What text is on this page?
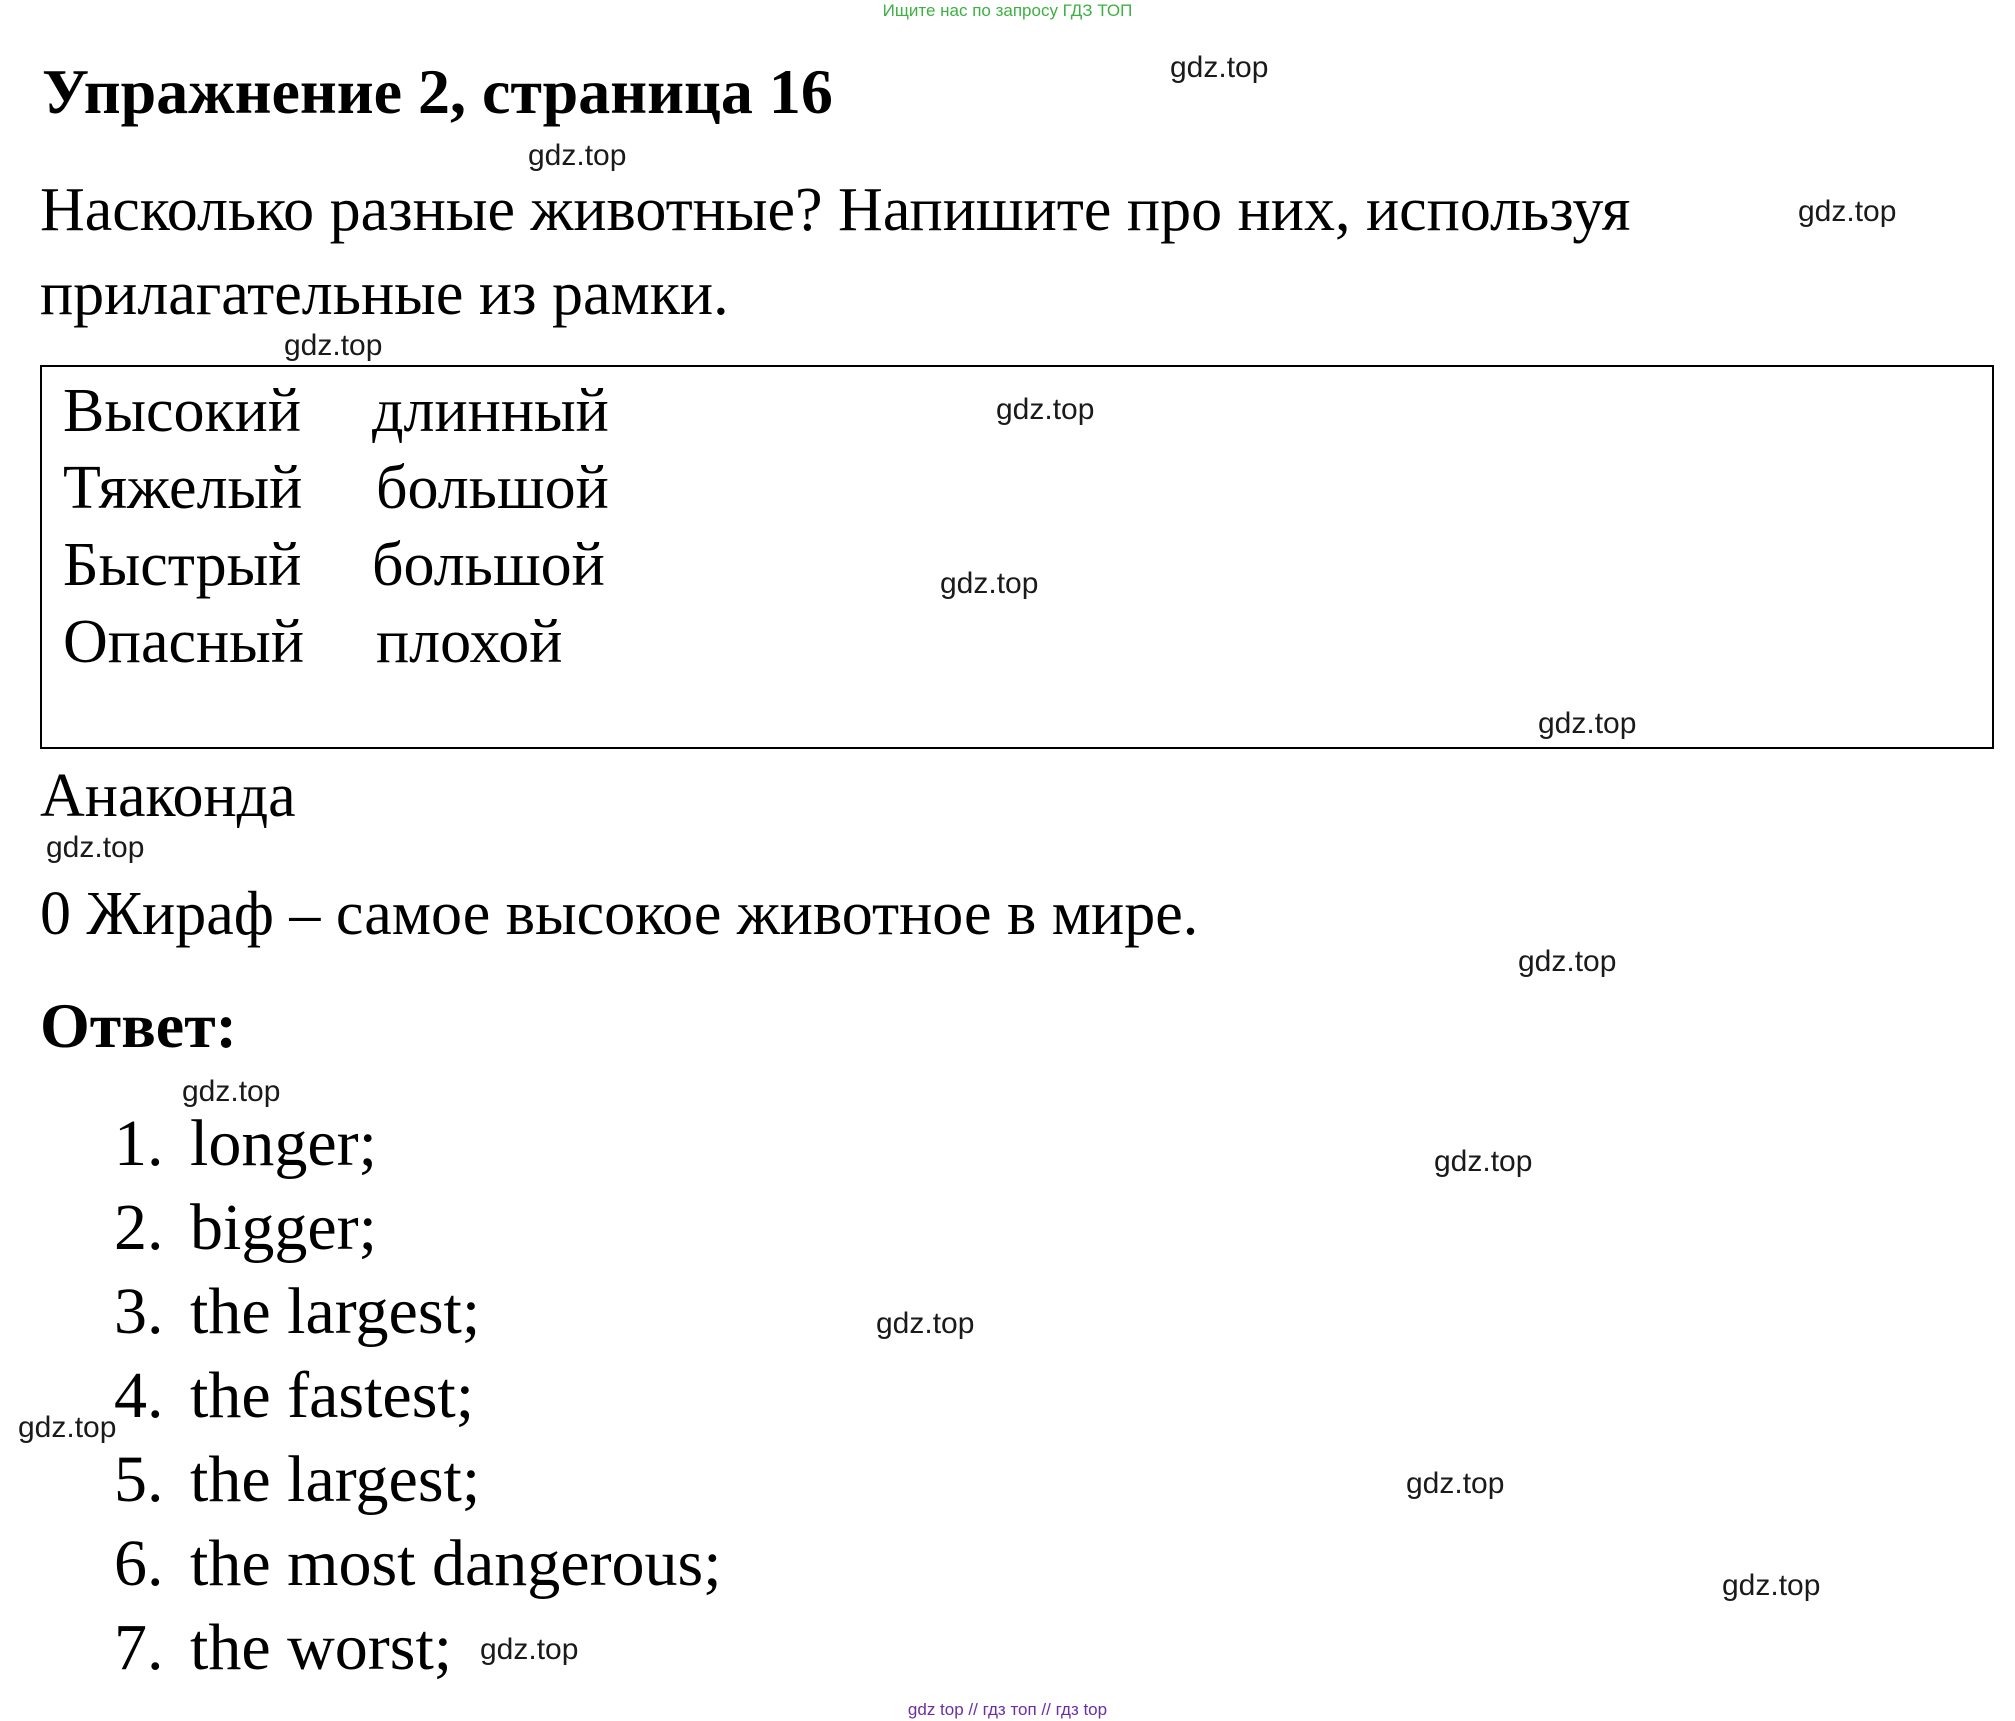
Ищите нас по запросу ГДЗ ТОП
Упражнение 2, страница 16
Насколько разные животные? Напишите про них, используя прилагательные из рамки.
Высокий длинный
Тяжелый большой
Быстрый большой
Опасный плохой
Анаконда
0 Жираф – самое высокое животное в мире.
Ответ:
1. longer;
2. bigger;
3. the largest;
4. the fastest;
5. the largest;
6. the most dangerous;
7. the worst;
gdz.top
gdz.top
gdz.top
gdz.top
gdz.top
gdz.top
gdz.top
gdz.top
gdz.top
gdz.top
gdz.top
gdz.top
gdz.top
gdz.top
gdz.top
gdz.top
gdz top // гдз топ // гдз top
